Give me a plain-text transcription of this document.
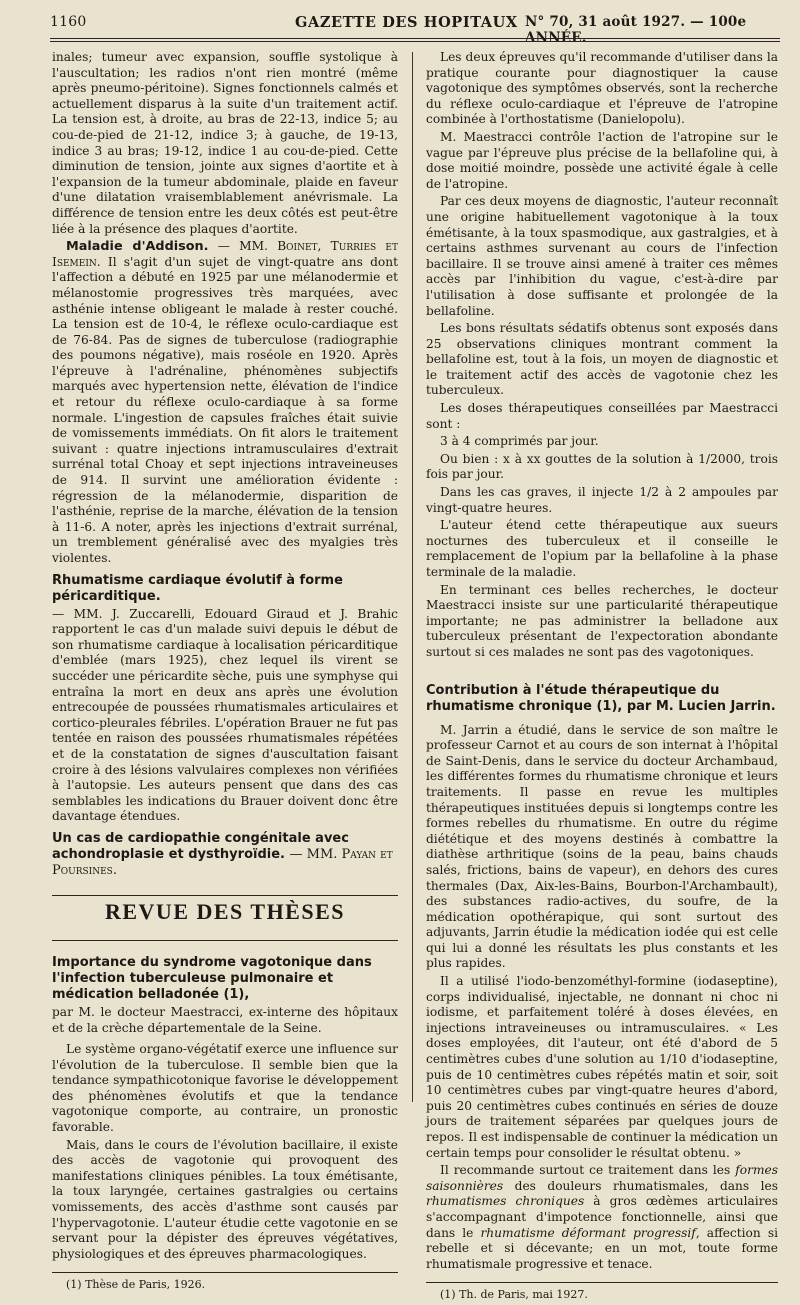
1160	GAZETTE DES HOPITAUX N° 70, 31 août 1927. — 100e ANNÉE.

inales; tumeur avec expansion, souffle systolique à l'auscultation; les radios n'ont rien montré (même après pneumo-péritoine). Signes fonctionnels calmés et actuellement disparus à la suite d'un traitement actif. La tension est, à droite, au bras de 22-13, indice 5; au cou-de-pied de 21-12, indice 3; à gauche, de 19-13, indice 3 au bras; 19-12, indice 1 au cou-de-pied. Cette diminution de tension, jointe aux signes d'aortite et à l'expansion de la tumeur abdominale, plaide en faveur d'une dilatation vraisemblablement anévrismale. La différence de tension entre les deux côtés est peut-être liée à la présence des plaques d'aortite.

Maladie d'Addison. — MM. Boinet, Turries et Isemein. Il s'agit d'un sujet de vingt-quatre ans dont l'affection a débuté en 1925 par une mélanodermie et mélanostomie progressives très marquées, avec asthénie intense obligeant le malade à rester couché. La tension est de 10-4, le réflexe oculo-cardiaque est de 76-84. Pas de signes de tuberculose (radiographie des poumons négative), mais roséole en 1920. Après l'épreuve à l'adrénaline, phénomènes subjectifs marqués avec hypertension nette, élévation de l'indice et retour du réflexe oculo-cardiaque à sa forme normale. L'ingestion de capsules fraîches était suivie de vomissements immédiats. On fit alors le traitement suivant : quatre injections intramusculaires d'extrait surrénal total Choay et sept injections intraveineuses de 914. Il survint une amélioration évidente : régression de la mélanodermie, disparition de l'asthénie, reprise de la marche, élévation de la tension à 11-6. A noter, après les injections d'extrait surrénal, un tremblement généralisé avec des myalgies très violentes.

Rhumatisme cardiaque évolutif à forme péricarditique.

— MM. J. Zuccarelli, Edouard Giraud et J. Brahic rapportent le cas d'un malade suivi depuis le début de son rhumatisme cardiaque à localisation péricarditique d'emblée (mars 1925), chez lequel ils virent se succéder une péricardite sèche, puis une symphyse qui entraîna la mort en deux ans après une évolution entrecoupée de poussées rhumatismales articulaires et cortico-pleurales fébriles. L'opération Brauer ne fut pas tentée en raison des poussées rhumatismales répétées et de la constatation de signes d'auscultation faisant croire à des lésions valvulaires complexes non vérifiées à l'autopsie. Les auteurs pensent que dans des cas semblables les indications du Brauer doivent donc être davantage étendues.

Un cas de cardiopathie congénitale avec achondroplasie et dysthyroïdie. — MM. Payan et Poursines.
REVUE DES THÈSES
Importance du syndrome vagotonique dans l'infection tuberculeuse pulmonaire et médication belladonée (1),

par M. le docteur Maestracci, ex-interne des hôpitaux et de la crèche départementale de la Seine.

Le système organo-végétatif exerce une influence sur l'évolution de la tuberculose. Il semble bien que la tendance sympathicotonique favorise le développement des phénomènes évolutifs et que la tendance vagotonique comporte, au contraire, un pronostic favorable.

Mais, dans le cours de l'évolution bacillaire, il existe des accès de vagotonie qui provoquent des manifestations cliniques pénibles. La toux émétisante, la toux laryngée, certaines gastralgies ou certains vomissements, des accès d'asthme sont causés par l'hypervagotonie. L'auteur étudie cette vagotonie en se servant pour la dépister des épreuves végétatives, physiologiques et des épreuves pharmacologiques.

(1) Thèse de Paris, 1926.

Les deux épreuves qu'il recommande d'utiliser dans la pratique courante pour diagnostiquer la cause vagotonique des symptômes observés, sont la recherche du réflexe oculo-cardiaque et l'épreuve de l'atropine combinée à l'orthostatisme (Danielopolu).

M. Maestracci contrôle l'action de l'atropine sur le vague par l'épreuve plus précise de la bellafoline qui, à dose moitié moindre, possède une activité égale à celle de l'atropine.

Par ces deux moyens de diagnostic, l'auteur reconnaît une origine habituellement vagotonique à la toux émétisante, à la toux spasmodique, aux gastralgies, et à certains asthmes survenant au cours de l'infection bacillaire. Il se trouve ainsi amené à traiter ces mêmes accès par l'inhibition du vague, c'est-à-dire par l'utilisation à dose suffisante et prolongée de la bellafoline.

Les bons résultats sédatifs obtenus sont exposés dans 25 observations cliniques montrant comment la bellafoline est, tout à la fois, un moyen de diagnostic et le traitement actif des accès de vagotonie chez les tuberculeux.

Les doses thérapeutiques conseillées par Maestracci sont :

3 à 4 comprimés par jour.

Ou bien : x à xx gouttes de la solution à 1/2000, trois fois par jour.

Dans les cas graves, il injecte 1/2 à 2 ampoules par vingt-quatre heures.

L'auteur étend cette thérapeutique aux sueurs nocturnes des tuberculeux et il conseille le remplacement de l'opium par la bellafoline à la phase terminale de la maladie.

En terminant ces belles recherches, le docteur Maestracci insiste sur une particularité thérapeutique importante; ne pas administrer la belladone aux tuberculeux présentant de l'expectoration abondante surtout si ces malades ne sont pas des vagotoniques.

Contribution à l'étude thérapeutique du rhumatisme chronique (1), par M. Lucien Jarrin.

M. Jarrin a étudié, dans le service de son maître le professeur Carnot et au cours de son internat à l'hôpital de Saint-Denis, dans le service du docteur Archambaud, les différentes formes du rhumatisme chronique et leurs traitements. Il passe en revue les multiples thérapeutiques instituées depuis si longtemps contre les formes rebelles du rhumatisme. En outre du régime diététique et des moyens destinés à combattre la diathèse arthritique (soins de la peau, bains chauds salés, frictions, bains de vapeur), en dehors des cures thermales (Dax, Aix-les-Bains, Bourbon-l'Archambault), des substances radio-actives, du soufre, de la médication opothérapique, qui sont surtout des adjuvants, Jarrin étudie la médication iodée qui est celle qui lui a donné les résultats les plus constants et les plus rapides.

Il a utilisé l'iodo-benzométhyl-formine (iodaseptine), corps individualisé, injectable, ne donnant ni choc ni iodisme, et parfaitement toléré à doses élevées, en injections intraveineuses ou intramusculaires. « Les doses employées, dit l'auteur, ont été d'abord de 5 centimètres cubes d'une solution au 1/10 d'iodaseptine, puis de 10 centimètres cubes répétés matin et soir, soit 10 centimètres cubes par vingt-quatre heures d'abord, puis 20 centimètres cubes continués en séries de douze jours de traitement séparées par quelques jours de repos. Il est indispensable de continuer la médication un certain temps pour consolider le résultat obtenu. »

Il recommande surtout ce traitement dans les formes saisonnières des douleurs rhumatismales, dans les rhumatismes chroniques à gros œdèmes articulaires s'accompagnant d'impotence fonctionnelle, ainsi que dans le rhumatisme déformant progressif, affection si rebelle et si décevante; en un mot, toute forme rhumatismale progressive et tenace.

(1) Th. de Paris, mai 1927.
